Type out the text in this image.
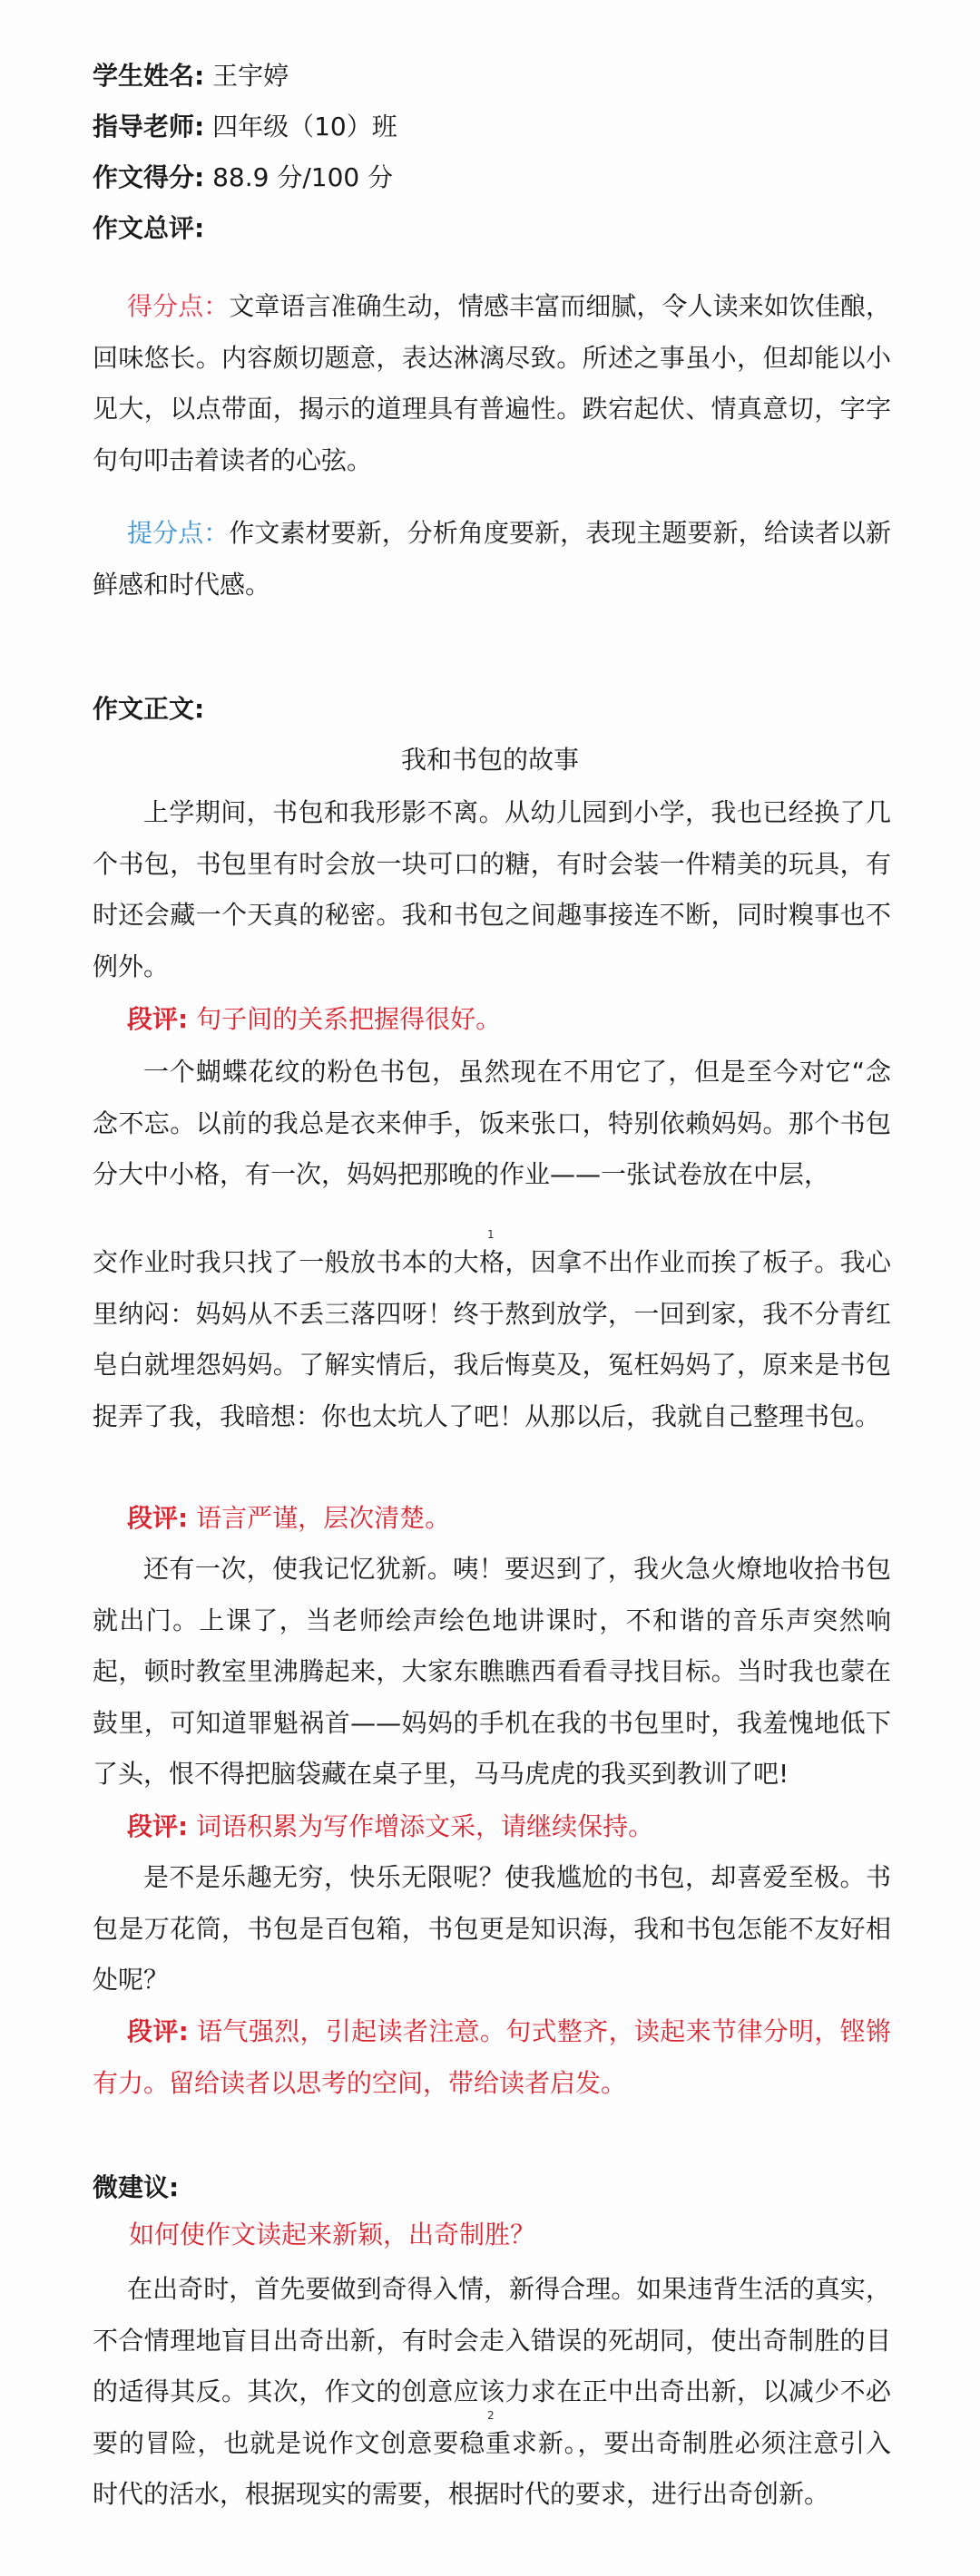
学生姓名: 王宇婷
指导老师: 四年级（10）班
作文得分: 88.9 分/100 分
作文总评:
得分点：文章语言准确生动，情感丰富而细腻，令人读来如饮佳酿，回味悠长。内容颇切题意，表达淋漓尽致。所述之事虽小，但却能以小见大，以点带面，揭示的道理具有普遍性。跌宕起伏、情真意切，字字句句叩击着读者的心弦。
提分点：作文素材要新，分析角度要新，表现主题要新，给读者以新鲜感和时代感。
作文正文:
我和书包的故事
上学期间，书包和我形影不离。从幼儿园到小学，我也已经换了几个书包，书包里有时会放一块可口的糖，有时会装一件精美的玩具，有时还会藏一个天真的秘密。我和书包之间趣事接连不断，同时糗事也不例外。
段评: 句子间的关系把握得很好。
一个蝴蝶花纹的粉色书包，虽然现在不用它了，但是至今对它“念念不忘。以前的我总是衣来伸手，饭来张口，特别依赖妈妈。那个书包分大中小格，有一次，妈妈把那晚的作业——一张试卷放在中层，
1
交作业时我只找了一般放书本的大格，因拿不出作业而挨了板子。我心里纳闷：妈妈从不丢三落四呀！终于熬到放学，一回到家，我不分青红皂白就埋怨妈妈。了解实情后，我后悔莫及，冤枉妈妈了，原来是书包捉弄了我，我暗想：你也太坑人了吧！从那以后，我就自己整理书包。
段评: 语言严谨，层次清楚。
还有一次，使我记忆犹新。咦！要迟到了，我火急火燎地收拾书包就出门。上课了，当老师绘声绘色地讲课时，不和谐的音乐声突然响起，顿时教室里沸腾起来，大家东瞧瞧西看看寻找目标。当时我也蒙在鼓里，可知道罪魁祸首——妈妈的手机在我的书包里时，我羞愧地低下了头，恨不得把脑袋藏在桌子里，马马虎虎的我买到教训了吧!
段评: 词语积累为写作增添文采，请继续保持。
是不是乐趣无穷，快乐无限呢？使我尴尬的书包，却喜爱至极。书包是万花筒，书包是百包箱，书包更是知识海，我和书包怎能不友好相处呢？
段评: 语气强烈，引起读者注意。句式整齐，读起来节律分明，铿锵有力。留给读者以思考的空间，带给读者启发。
微建议:
如何使作文读起来新颖，出奇制胜？
在出奇时，首先要做到奇得入情，新得合理。如果违背生活的真实，不合情理地盲目出奇出新，有时会走入错误的死胡同，使出奇制胜的目的适得其反。其次，作文的创意应该力求在正中出奇出新，以减少不必要的冒险，也就是说作文创意要稳重求新。，要出奇制胜必须注意引入时代的活水，根据现实的需要，根据时代的要求，进行出奇创新。
2
